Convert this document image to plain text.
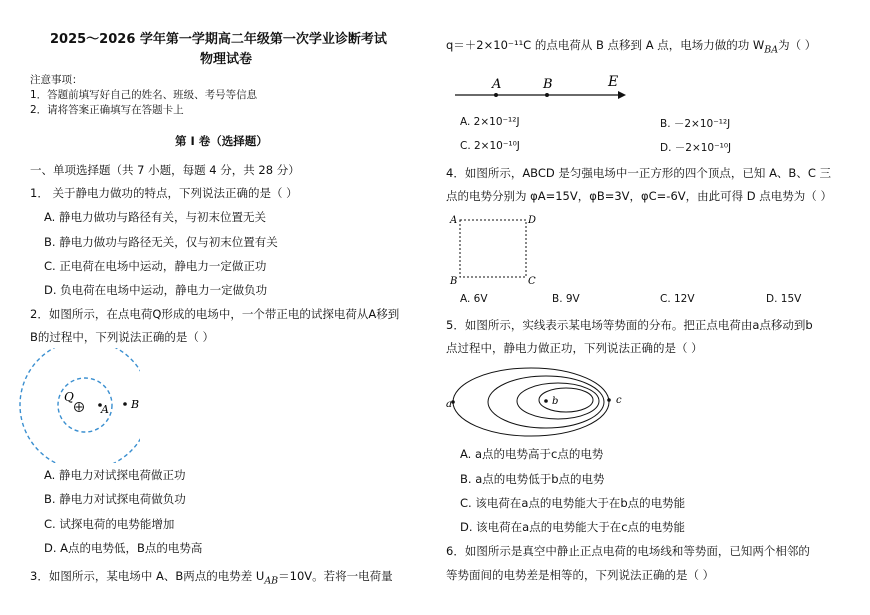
2025～2026 学年第一学期高二年级第一次学业诊断考试
物理试卷
注意事项：
1．答题前填写好自己的姓名、班级、考号等信息
2．请将答案正确填写在答题卡上
第 I 卷（选择题）
一、单项选择题（共 7 小题，每题 4 分，共 28 分）
1． 关于静电力做功的特点，下列说法正确的是（ ）
A. 静电力做功与路径有关，与初末位置无关
B. 静电力做功与路径无关，仅与初末位置有关
C. 正电荷在电场中运动，静电力一定做正功
D. 负电荷在电场中运动，静电力一定做负功
2．如图所示，在点电荷Q形成的电场中，一个带正电的试探电荷从A移到
B的过程中，下列说法正确的是（ ）
Q
A B
A. 静电力对试探电荷做正功
B. 静电力对试探电荷做负功
C. 试探电荷的电势能增加
D. A点的电势低，B点的电势高
3．如图所示，某电场中 A、B两点的电势差 $U_{AB}=10V$。若将一电荷量
q＝＋2×10⁻¹¹C 的点电荷从 B 点移到 A 点，电场力做的功 $W_{BA}$为（ ）
A	B	E
A. 2×10⁻¹²J	B. －2×10⁻¹²J
C. 2×10⁻¹⁰J	D. －2×10⁻¹⁰J
4．如图所示，ABCD 是匀强电场中一正方形的四个顶点，已知 A、B、C 三
点的电势分别为 φA=15V，φB=3V，φC=-6V，由此可得 D 点电势为（ ）
A
B	C
D
A. 6V	B. 9V	C. 12V	D. 15V
5．如图所示，实线表示某电场等势面的分布。把正点电荷由a点移动到b
点过程中，静电力做正功，下列说法正确的是（ ）
a	b	c
A. a点的电势高于c点的电势
B. a点的电势低于b点的电势
C. 该电荷在a点的电势能大于在b点的电势能
D. 该电荷在a点的电势能大于在c点的电势能
6．如图所示是真空中静止正点电荷的电场线和等势面，已知两个相邻的
等势面间的电势差是相等的，下列说法正确的是（ ）
